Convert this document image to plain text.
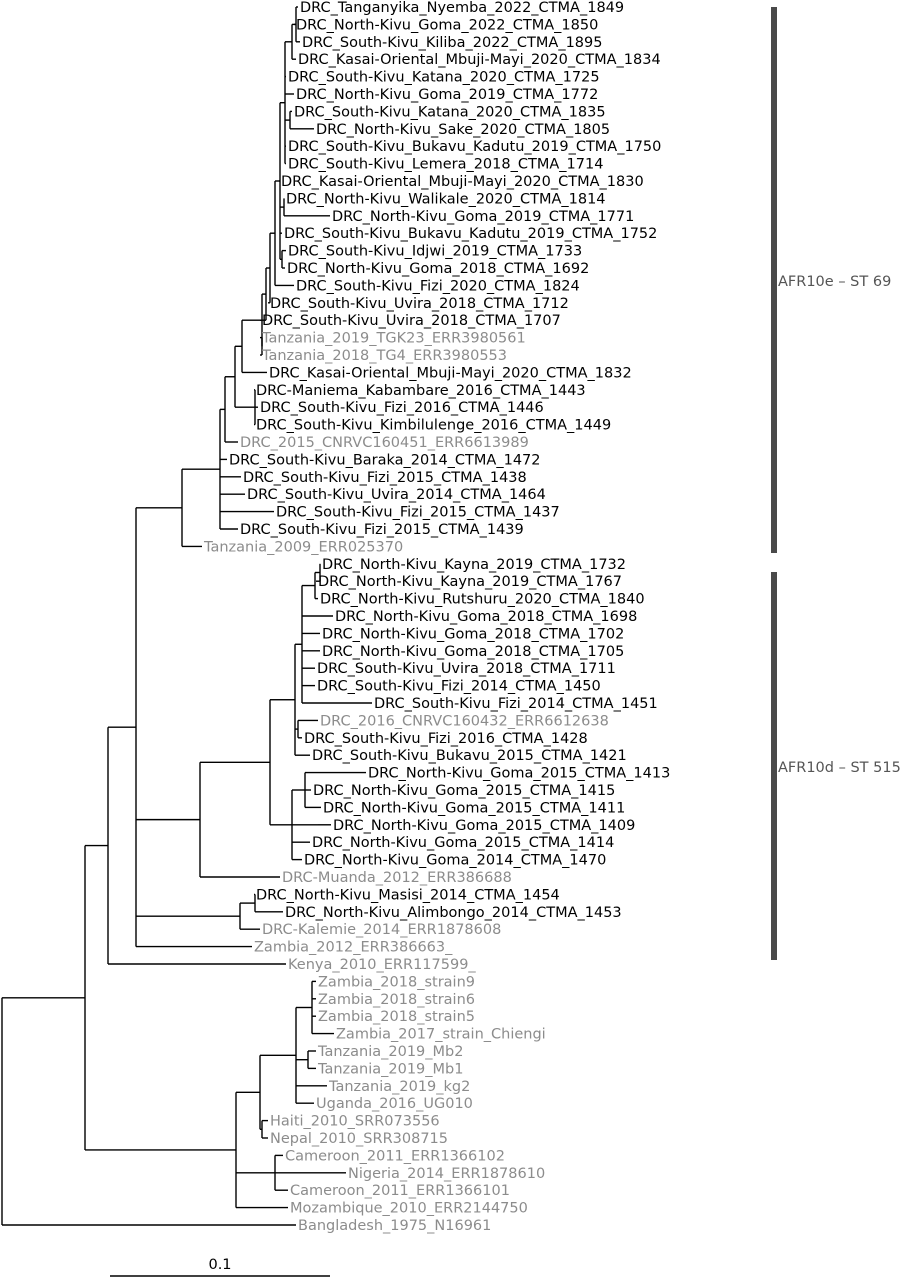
DRC_Tanganyika_Nyemba_2022_CTMA_1849
DRC_North-Kivu_Goma_2022_CTMA_1850
DRC_South-Kivu_Kiliba_2022_CTMA_1895
DRC_Kasai-Oriental_Mbuji-Mayi_2020_CTMA_1834
DRC_South-Kivu_Katana_2020_CTMA_1725
DRC_North-Kivu_Goma_2019_CTMA_1772
DRC_South-Kivu_Katana_2020_CTMA_1835
DRC_North-Kivu_Sake_2020_CTMA_1805
DRC_South-Kivu_Bukavu_Kadutu_2019_CTMA_1750
DRC_South-Kivu_Lemera_2018_CTMA_1714
DRC_Kasai-Oriental_Mbuji-Mayi_2020_CTMA_1830
DRC_North-Kivu_Walikale_2020_CTMA_1814
DRC_North-Kivu_Goma_2019_CTMA_1771
DRC_South-Kivu_Bukavu_Kadutu_2019_CTMA_1752
DRC_South-Kivu_Idjwi_2019_CTMA_1733
DRC_North-Kivu_Goma_2018_CTMA_1692
DRC_South-Kivu_Fizi_2020_CTMA_1824
DRC_South-Kivu_Uvira_2018_CTMA_1712
DRC_South-Kivu_Uvira_2018_CTMA_1707
Tanzania_2019_TGK23_ERR3980561
Tanzania_2018_TG4_ERR3980553
DRC_Kasai-Oriental_Mbuji-Mayi_2020_CTMA_1832
DRC-Maniema_Kabambare_2016_CTMA_1443
DRC_South-Kivu_Fizi_2016_CTMA_1446
DRC_South-Kivu_Kimbilulenge_2016_CTMA_1449
DRC_2015_CNRVC160451_ERR6613989
DRC_South-Kivu_Baraka_2014_CTMA_1472
DRC_South-Kivu_Fizi_2015_CTMA_1438
DRC_South-Kivu_Uvira_2014_CTMA_1464
DRC_South-Kivu_Fizi_2015_CTMA_1437
DRC_South-Kivu_Fizi_2015_CTMA_1439
Tanzania_2009_ERR025370
DRC_North-Kivu_Kayna_2019_CTMA_1732
DRC_North-Kivu_Kayna_2019_CTMA_1767
DRC_North-Kivu_Rutshuru_2020_CTMA_1840
DRC_North-Kivu_Goma_2018_CTMA_1698
DRC_North-Kivu_Goma_2018_CTMA_1702
DRC_North-Kivu_Goma_2018_CTMA_1705
DRC_South-Kivu_Uvira_2018_CTMA_1711
DRC_South-Kivu_Fizi_2014_CTMA_1450
DRC_South-Kivu_Fizi_2014_CTMA_1451
DRC_2016_CNRVC160432_ERR6612638
DRC_South-Kivu_Fizi_2016_CTMA_1428
DRC_South-Kivu_Bukavu_2015_CTMA_1421
DRC_North-Kivu_Goma_2015_CTMA_1413
DRC_North-Kivu_Goma_2015_CTMA_1415
DRC_North-Kivu_Goma_2015_CTMA_1411
DRC_North-Kivu_Goma_2015_CTMA_1409
DRC_North-Kivu_Goma_2015_CTMA_1414
DRC_North-Kivu_Goma_2014_CTMA_1470
DRC-Muanda_2012_ERR386688
DRC_North-Kivu_Masisi_2014_CTMA_1454
DRC_North-Kivu_Alimbongo_2014_CTMA_1453
DRC-Kalemie_2014_ERR1878608
Zambia_2012_ERR386663_
Kenya_2010_ERR117599_
Zambia_2018_strain9
Zambia_2018_strain6
Zambia_2018_strain5
Zambia_2017_strain_Chiengi
Tanzania_2019_Mb2
Tanzania_2019_Mb1
Tanzania_2019_kg2
Uganda_2016_UG010
Haiti_2010_SRR073556
Nepal_2010_SRR308715
Cameroon_2011_ERR1366102
Nigeria_2014_ERR1878610
Cameroon_2011_ERR1366101
Mozambique_2010_ERR2144750
Bangladesh_1975_N16961
AFR10e – ST 69
AFR10d – ST 515
0.1
